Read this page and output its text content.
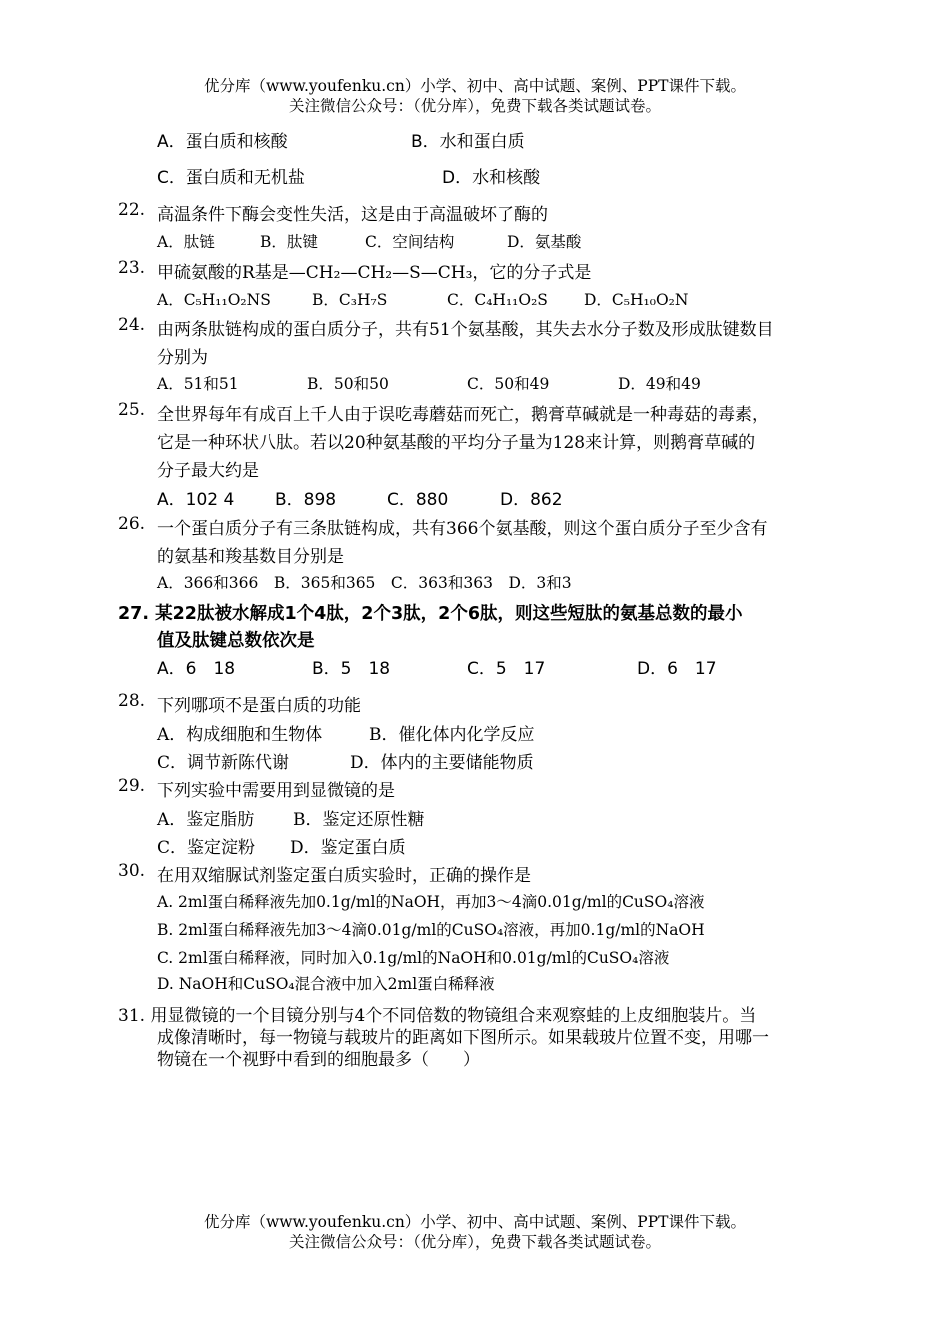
优分库（www.youfenku.cn）小学、初中、高中试题、案例、PPT课件下载。
关注微信公众号：（优分库），免费下载各类试题试卷。
A．蛋白质和核酸	B．水和蛋白质
C．蛋白质和无机盐	D．水和核酸
22. 高温条件下酶会变性失活，这是由于高温破坏了酶的
A．肽链	B．肽键	C．空间结构	D．氨基酸
23. 甲硫氨酸的R基是—CH₂—CH₂—S—CH₃，它的分子式是
A．C₅H₁₁O₂NS	B．C₃H₇S	C．C₄H₁₁O₂S D．C₅H₁₀O₂N
24. 由两条肽链构成的蛋白质分子，共有51个氨基酸，其失去水分子数及形成肽键数目
分别为
A．51和51	B．50和50	C．50和49	D．49和49
25. 全世界每年有成百上千人由于误吃毒蘑菇而死亡，鹅膏草碱就是一种毒菇的毒素，
它是一种环状八肽。若以20种氨基酸的平均分子量为128来计算，则鹅膏草碱的
分子最大约是
A．102 4 B．898	C．880	D．862
26. 一个蛋白质分子有三条肽链构成，共有366个氨基酸，则这个蛋白质分子至少含有
的氨基和羧基数目分别是
A．366和366　B．365和365　C．363和363　D．3和3
27. 某22肽被水解成1个4肽，2个3肽，2个6肽，则这些短肽的氨基总数的最小
值及肽键总数依次是
A．6　18	B．5　18	C．5　17	D．6　17
28. 下列哪项不是蛋白质的功能
A．构成细胞和生物体	B．催化体内化学反应
C．调节新陈代谢	D．体内的主要储能物质
29. 下列实验中需要用到显微镜的是
A．鉴定脂肪 B．鉴定还原性糖
C．鉴定淀粉 D．鉴定蛋白质
30. 在用双缩脲试剂鉴定蛋白质实验时，正确的操作是
A. 2ml蛋白稀释液先加0.1g/ml的NaOH，再加3～4滴0.01g/ml的CuSO₄溶液
B. 2ml蛋白稀释液先加3～4滴0.01g/ml的CuSO₄溶液，再加0.1g/ml的NaOH
C. 2ml蛋白稀释液，同时加入0.1g/ml的NaOH和0.01g/ml的CuSO₄溶液
D. NaOH和CuSO₄混合液中加入2ml蛋白稀释液
31. 用显微镜的一个目镜分别与4个不同倍数的物镜组合来观察蛙的上皮细胞装片。当
成像清晰时，每一物镜与载玻片的距离如下图所示。如果载玻片位置不变，用哪一
物镜在一个视野中看到的细胞最多（　　）
优分库（www.youfenku.cn）小学、初中、高中试题、案例、PPT课件下载。
关注微信公众号：（优分库），免费下载各类试题试卷。
